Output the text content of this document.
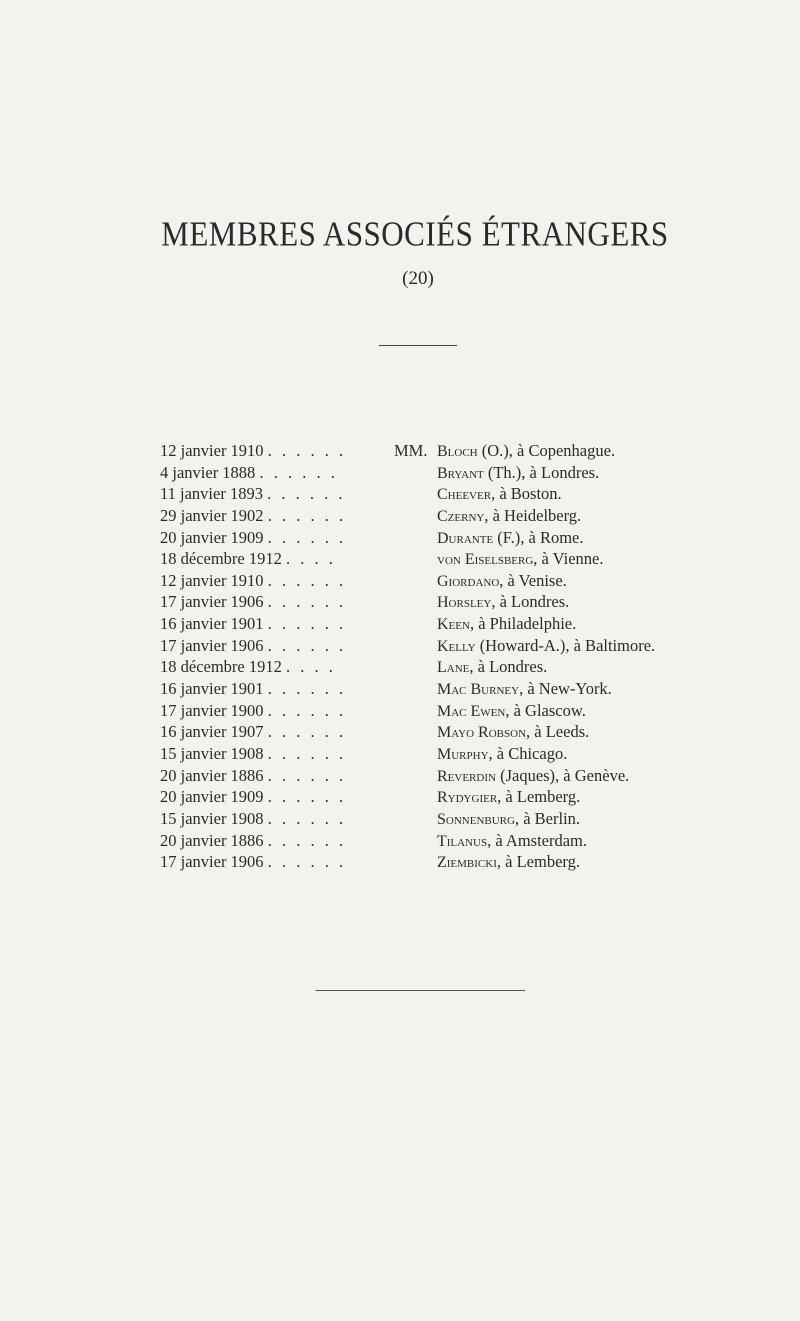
MEMBRES ASSOCIÉS ÉTRANGERS
(20)
12 janvier 1910 . . . . . .	MM. Bloch (O.), à Copenhague.
4 janvier 1888 . . . . . .	Bryant (Th.), à Londres.
11 janvier 1893 . . . . . .	Cheever, à Boston.
29 janvier 1902 . . . . . .	Czerny, à Heidelberg.
20 janvier 1909 . . . . . .	Durante (F.), à Rome.
18 décembre 1912 . . . .	von Eiselsberg, à Vienne.
12 janvier 1910 . . . . . .	Giordano, à Venise.
17 janvier 1906 . . . . . .	Horsley, à Londres.
16 janvier 1901 . . . . . .	Keen, à Philadelphie.
17 janvier 1906 . . . . . .	Kelly (Howard-A.), à Baltimore.
18 décembre 1912 . . . .	Lane, à Londres.
16 janvier 1901 . . . . . .	Mac Burney, à New-York.
17 janvier 1900 . . . . . .	Mac Ewen, à Glascow.
16 janvier 1907 . . . . . .	Mayo Robson, à Leeds.
15 janvier 1908 . . . . . .	Murphy, à Chicago.
20 janvier 1886 . . . . . .	Reverdin (Jaques), à Genève.
20 janvier 1909 . . . . . .	Rydygier, à Lemberg.
15 janvier 1908 . . . . . .	Sonnenburg, à Berlin.
20 janvier 1886 . . . . . .	Tilanus, à Amsterdam.
17 janvier 1906 . . . . . .	Ziembicki, à Lemberg.
